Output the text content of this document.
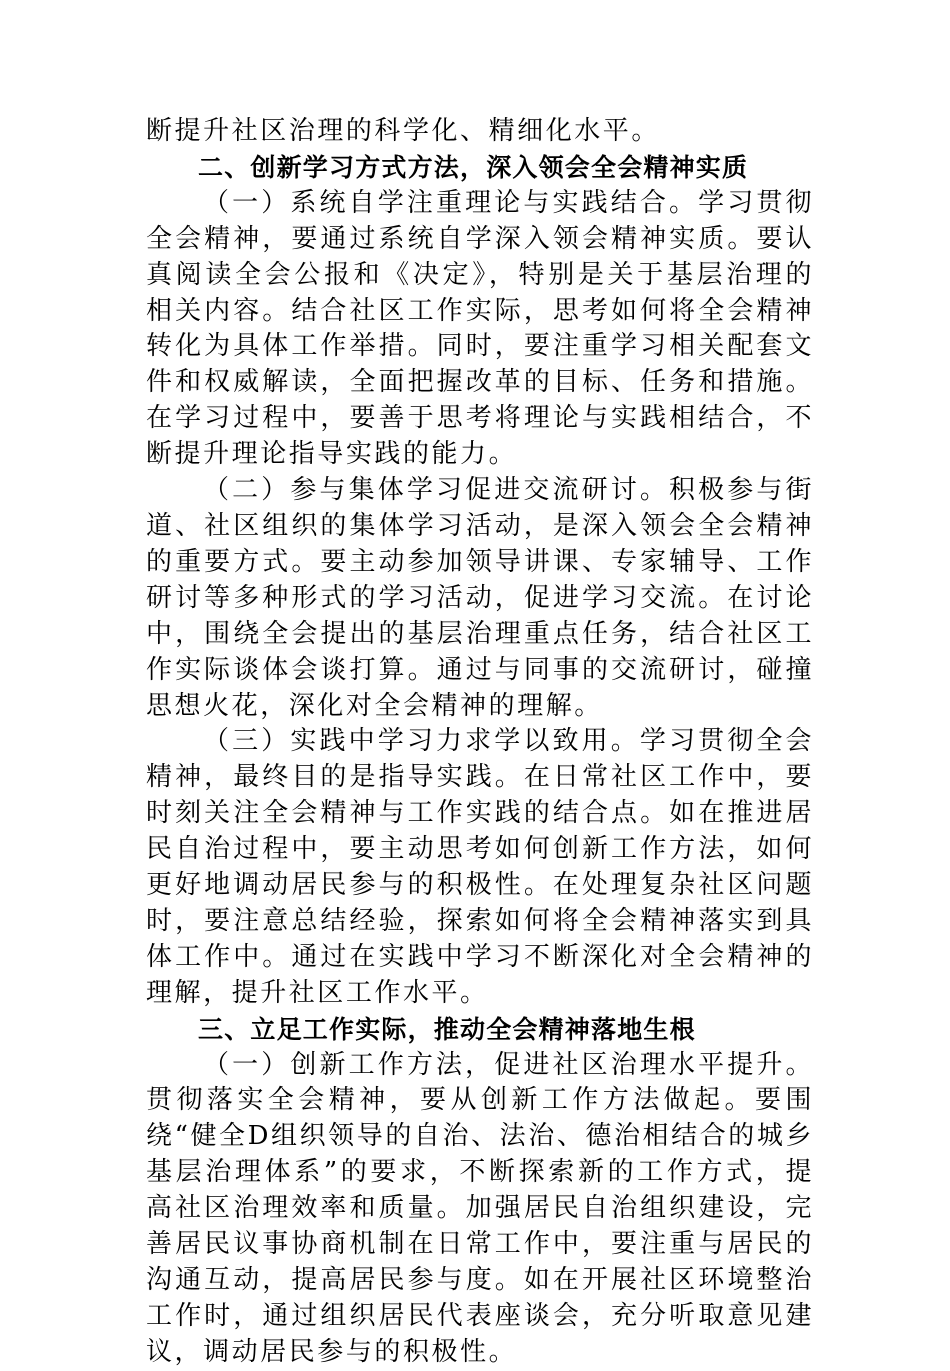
断提升社区治理的科学化、精细化水平。

二、创新学习方式方法，深入领会全会精神实质

（一）系统自学注重理论与实践结合。学习贯彻全会精神，要通过系统自学深入领会精神实质。要认真阅读全会公报和《决定》，特别是关于基层治理的相关内容。结合社区工作实际，思考如何将全会精神转化为具体工作举措。同时，要注重学习相关配套文件和权威解读，全面把握改革的目标、任务和措施。在学习过程中，要善于思考将理论与实践相结合，不断提升理论指导实践的能力。

（二）参与集体学习促进交流研讨。积极参与街道、社区组织的集体学习活动，是深入领会全会精神的重要方式。要主动参加领导讲课、专家辅导、工作研讨等多种形式的学习活动，促进学习交流。在讨论中，围绕全会提出的基层治理重点任务，结合社区工作实际谈体会谈打算。通过与同事的交流研讨，碰撞思想火花，深化对全会精神的理解。

（三）实践中学习力求学以致用。学习贯彻全会精神，最终目的是指导实践。在日常社区工作中，要时刻关注全会精神与工作实践的结合点。如在推进居民自治过程中，要主动思考如何创新工作方法，如何更好地调动居民参与的积极性。在处理复杂社区问题时，要注意总结经验，探索如何将全会精神落实到具体工作中。通过在实践中学习不断深化对全会精神的理解，提升社区工作水平。

三、立足工作实际，推动全会精神落地生根

（一）创新工作方法，促进社区治理水平提升。贯彻落实全会精神，要从创新工作方法做起。要围绕“健全D组织领导的自治、法治、德治相结合的城乡基层治理体系”的要求，不断探索新的工作方式，提高社区治理效率和质量。加强居民自治组织建设，完善居民议事协商机制在日常工作中，要注重与居民的沟通互动，提高居民参与度。如在开展社区环境整治工作时，通过组织居民代表座谈会，充分听取意见建议，调动居民参与的积极性。
